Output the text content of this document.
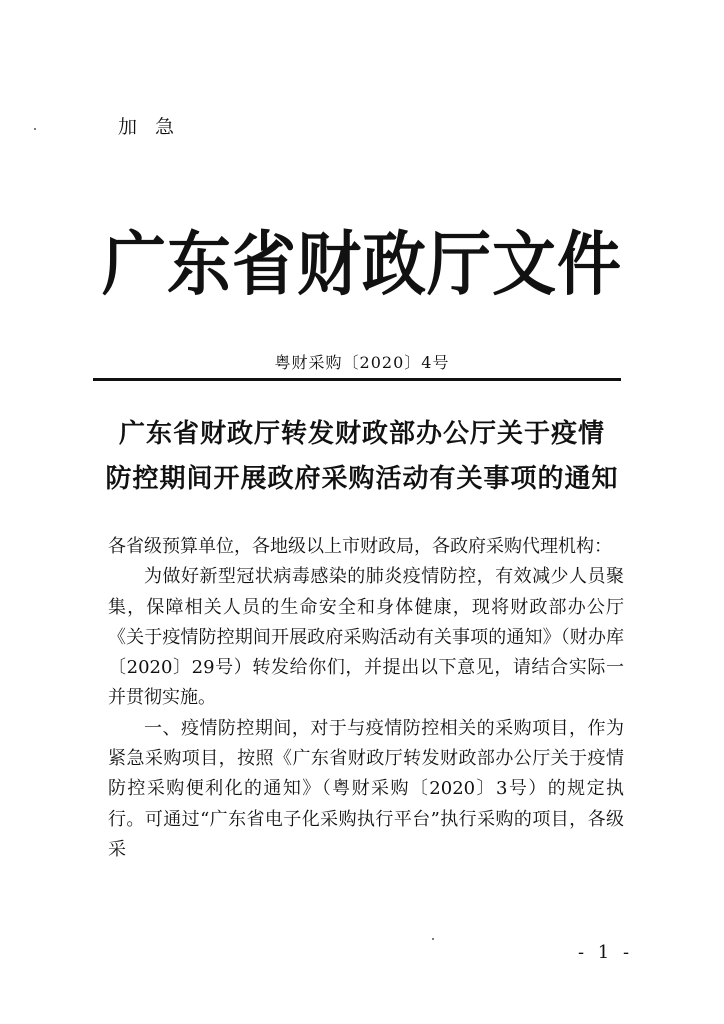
加急
广东省财政厅文件
粤财采购〔2020〕4号
广东省财政厅转发财政部办公厅关于疫情
防控期间开展政府采购活动有关事项的通知

各省级预算单位，各地级以上市财政局，各政府采购代理机构：

为做好新型冠状病毒感染的肺炎疫情防控，有效减少人员聚集，保障相关人员的生命安全和身体健康，现将财政部办公厅《关于疫情防控期间开展政府采购活动有关事项的通知》（财办库〔2020〕29号）转发给你们，并提出以下意见，请结合实际一并贯彻实施。

一、疫情防控期间，对于与疫情防控相关的采购项目，作为紧急采购项目，按照《广东省财政厅转发财政部办公厅关于疫情防控采购便利化的通知》（粤财采购〔2020〕3号）的规定执行。可通过“广东省电子化采购执行平台”执行采购的项目，各级采

- 1 -
